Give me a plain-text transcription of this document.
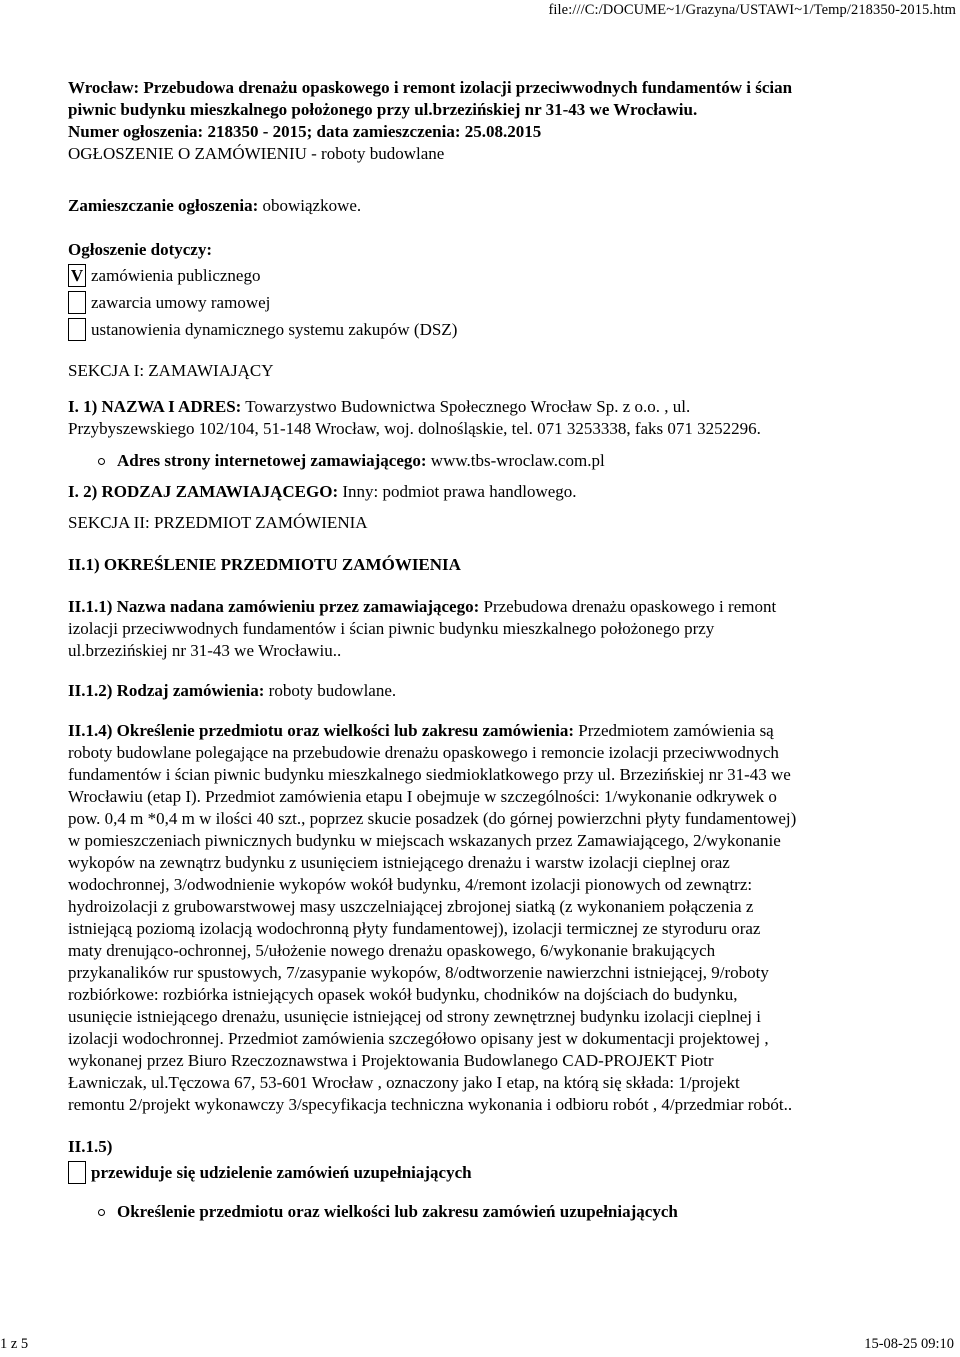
file:///C:/DOCUME~1/Grazyna/USTAWI~1/Temp/218350-2015.htm

Wrocław: Przebudowa drenażu opaskowego i remont izolacji przeciwwodnych fundamentów i ścian

piwnic budynku mieszkalnego położonego przy ul.brzezińskiej nr 31-43 we Wrocławiu.

Numer ogłoszenia: 218350 - 2015; data zamieszczenia: 25.08.2015

OGŁOSZENIE O ZAMÓWIENIU - roboty budowlane

Zamieszczanie ogłoszenia: obowiązkowe.

Ogłoszenie dotyczy:

V zamówienia publicznego
zawarcia umowy ramowej
ustanowienia dynamicznego systemu zakupów (DSZ)

SEKCJA I: ZAMAWIAJĄCY

I. 1) NAZWA I ADRES: Towarzystwo Budownictwa Społecznego Wrocław Sp. z o.o. , ul.

Przybyszewskiego 102/104, 51-148 Wrocław, woj. dolnośląskie, tel. 071 3253338, faks 071 3252296.

Adres strony internetowej zamawiającego: www.tbs-wroclaw.com.pl

I. 2) RODZAJ ZAMAWIAJĄCEGO: Inny: podmiot prawa handlowego.

SEKCJA II: PRZEDMIOT ZAMÓWIENIA

II.1) OKREŚLENIE PRZEDMIOTU ZAMÓWIENIA

II.1.1) Nazwa nadana zamówieniu przez zamawiającego: Przebudowa drenażu opaskowego i remont

izolacji przeciwwodnych fundamentów i ścian piwnic budynku mieszkalnego położonego przy

ul.brzezińskiej nr 31-43 we Wrocławiu..

II.1.2) Rodzaj zamówienia: roboty budowlane.

II.1.4) Określenie przedmiotu oraz wielkości lub zakresu zamówienia: Przedmiotem zamówienia są

roboty budowlane polegające na przebudowie drenażu opaskowego i remoncie izolacji przeciwwodnych

fundamentów i ścian piwnic budynku mieszkalnego siedmioklatkowego przy ul. Brzezińskiej nr 31-43 we

Wrocławiu (etap I). Przedmiot zamówienia etapu I obejmuje w szczególności: 1/wykonanie odkrywek o

pow. 0,4 m *0,4 m w ilości 40 szt., poprzez skucie posadzek (do górnej powierzchni płyty fundamentowej)

w pomieszczeniach piwnicznych budynku w miejscach wskazanych przez Zamawiającego, 2/wykonanie

wykopów na zewnątrz budynku z usunięciem istniejącego drenażu i warstw izolacji cieplnej oraz

wodochronnej, 3/odwodnienie wykopów wokół budynku, 4/remont izolacji pionowych od zewnątrz:

hydroizolacji z grubowarstwowej masy uszczelniającej zbrojonej siatką (z wykonaniem połączenia z

istniejącą poziomą izolacją wodochronną płyty fundamentowej), izolacji termicznej ze styroduru oraz

maty drenująco-ochronnej, 5/ułożenie nowego drenażu opaskowego, 6/wykonanie brakujących

przykanalików rur spustowych, 7/zasypanie wykopów, 8/odtworzenie nawierzchni istniejącej, 9/roboty

rozbiórkowe: rozbiórka istniejących opasek wokół budynku, chodników na dojściach do budynku,

usunięcie istniejącego drenażu, usunięcie istniejącej od strony zewnętrznej budynku izolacji cieplnej i

izolacji wodochronnej. Przedmiot zamówienia szczegółowo opisany jest w dokumentacji projektowej ,

wykonanej przez Biuro Rzeczoznawstwa i Projektowania Budowlanego CAD-PROJEKT Piotr

Ławniczak, ul.Tęczowa 67, 53-601 Wrocław , oznaczony jako I etap, na którą się składa: 1/projekt

remontu 2/projekt wykonawczy 3/specyfikacja techniczna wykonania i odbioru robót , 4/przedmiar robót..

II.1.5)

przewiduje się udzielenie zamówień uzupełniających
Określenie przedmiotu oraz wielkości lub zakresu zamówień uzupełniających
1 z 5	15-08-25 09:10
